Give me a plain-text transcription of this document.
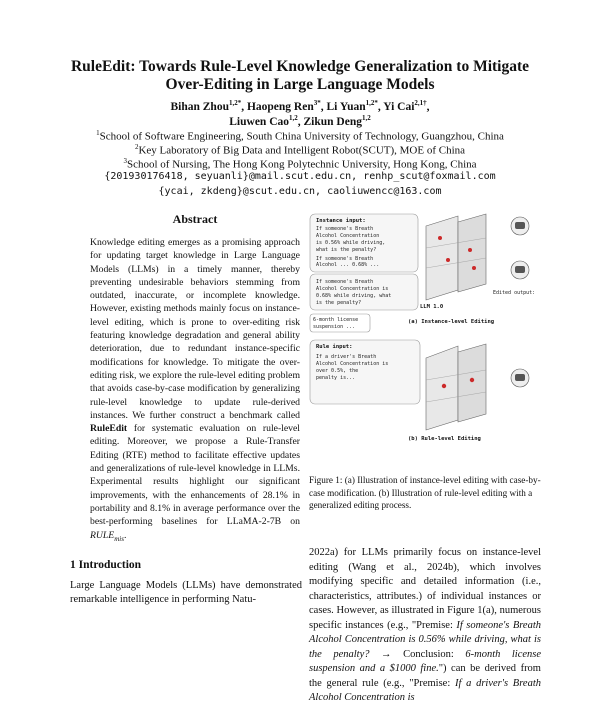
RuleEdit: Towards Rule-Level Knowledge Generalization to Mitigate
Over-Editing in Large Language Models
Bihan Zhou$^{1,2*}$, Haopeng Ren$^{3*}$, Li Yuan$^{1,2*}$, Yi Cai$^{2,1\dagger}$,
Liuwen Cao$^{1,2}$, Zikun Deng$^{1,2}$
$^1$School of Software Engineering, South China University of Technology, Guangzhou, China
$^2$Key Laboratory of Big Data and Intelligent Robot(SCUT), MOE of China
$^3$School of Nursing, The Hong Kong Polytechnic University, Hong Kong, China
{201930176418, seyuanli}@mail.scut.edu.cn, renhp_scut@foxmail.com
{ycai, zkdeng}@scut.edu.cn, caoliuwencc@163.com
Abstract
Knowledge editing emerges as a promising approach for updating target knowledge in Large Language Models (LLMs) in a timely manner, thereby preventing undesirable behaviors stemming from outdated, inaccurate, or incomplete knowledge. However, existing methods mainly focus on instance-level editing, which is prone to over-editing risk featuring knowledge degradation and general ability deterioration, due to redundant instance-specific modifications for knowledge. To mitigate the over-editing risk, we explore the rule-level editing problem that avoids case-by-case modification by generalizing rule-level knowledge to update rule-derived instances. We further construct a benchmark called RuleEdit for systematic evaluation on rule-level editing. Moreover, we propose a Rule-Transfer Editing (RTE) method to facilitate effective updates and generalizations of rule-level knowledge in LLMs. Experimental results highlight our significant improvements, with the enhancements of 28.1% in portability and 8.1% in average performance over the best-performing baselines for LLaMA-2-7B on $RULE_{mis}$.
1 Introduction
Large Language Models (LLMs) have demonstrated remarkable intelligence in performing Natu-
Instance input:
If someone's Breath Alcohol Concentration is 0.56% while driving, what is the penalty?
If someone's Breath Alcohol ... 0.68% ...
If someone's Breath Alcohol Concentration is 0.68% while driving, what is the penalty?
LLM 1.0
Edited output:
(a) Instance-level Editing
6-month license
suspension ...
Rule input:
If a driver's Breath Alcohol Concentration is over 0.5%, the penalty is...
(b) Rule-level Editing
Figure 1: (a) Illustration of instance-level editing with case-by-case modification. (b) Illustration of rule-level editing with a generalized editing process.
2022a) for LLMs primarily focus on instance-level editing (Wang et al., 2024b), which involves modifying specific and detailed information (i.e., characteristics, attributes.) of individual instances or cases. However, as illustrated in Figure 1(a), numerous specific instances (e.g., "Premise: If someone's Breath Alcohol Concentration is 0.56% while driving, what is the penalty? → Conclusion: 6-month license suspension and a $1000 fine.") can be derived from the general rule (e.g., "Premise: If a driver's Breath Alcohol Concentration is
